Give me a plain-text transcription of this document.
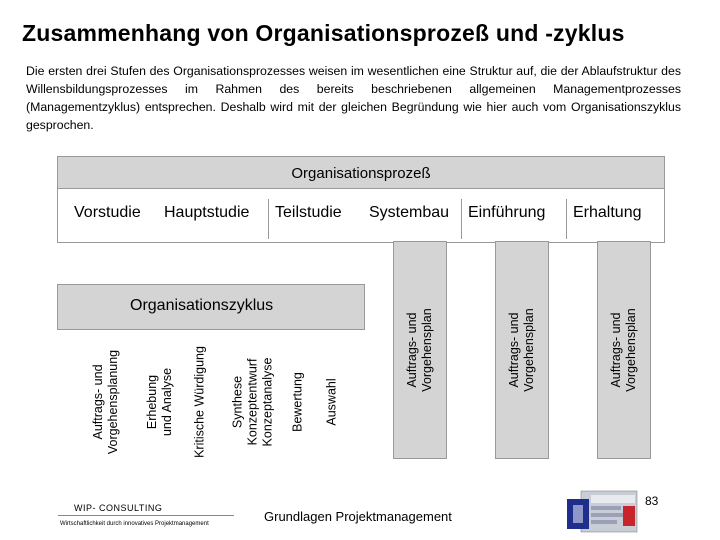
Zusammenhang von Organisationsprozeß und -zyklus
Die ersten drei Stufen des Organisationsprozesses weisen im wesentlichen eine Struktur auf, die der Ablaufstruktur des Willensbildungsprozesses im Rahmen des bereits beschriebenen allgemeinen Managementprozesses (Managementzyklus) entsprechen. Deshalb wird mit der gleichen Begründung wie hier auch vom Organisationszyklus gesprochen.
Organisationsprozeß
Vorstudie Hauptstudie Teilstudie Systembau Einführung Erhaltung
Organisationszyklus
Auftrags- und Vorgehensplanung Erhebung und Analyse Kritische Würdigung Synthese Konzeptentwurf Konzeptanalyse Bewertung Auswahl
Auftrags- und Vorgehensplan	Auftrags- und Vorgehensplan	Auftrags- und Vorgehensplan
WIP- CONSULTING
Wirtschaftlichkeit durch innovatives Projektmanagement	Grundlagen Projektmanagement
83
